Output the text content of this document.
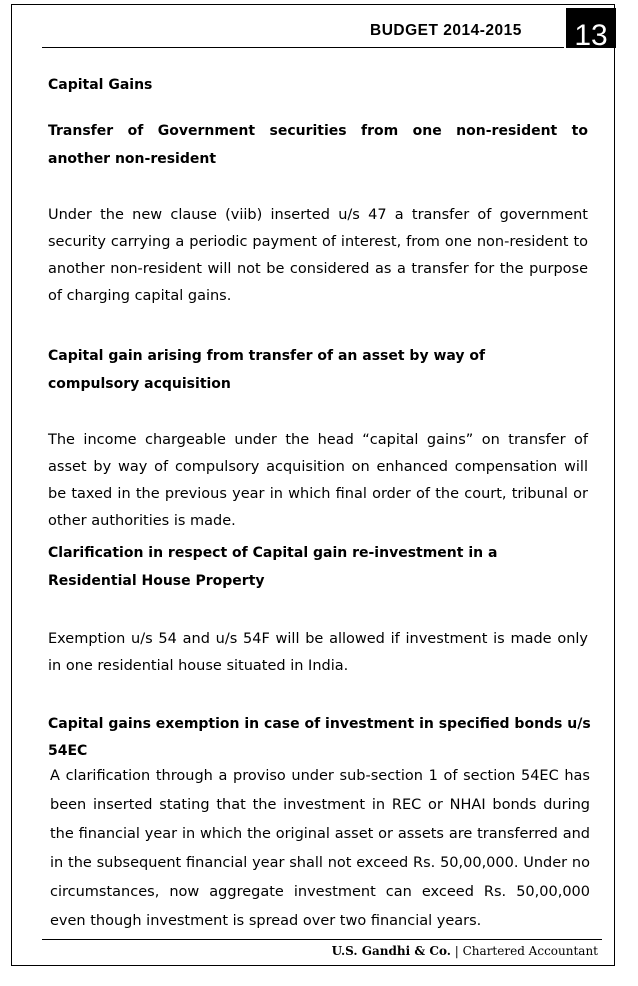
BUDGET 2014-2015 13
Capital Gains
Transfer of Government securities from one non-resident to another non-resident
Under the new clause (viib) inserted u/s 47 a transfer of government security carrying a periodic payment of interest, from one non-resident to another non-resident will not be considered as a transfer for the purpose of charging capital gains.
Capital gain arising from transfer of an asset by way of compulsory acquisition
The income chargeable under the head “capital gains” on transfer of asset by way of compulsory acquisition on enhanced compensation will be taxed in the previous year in which final order of the court, tribunal or other authorities is made.
Clarification in respect of Capital gain re-investment in a Residential House Property
Exemption u/s 54 and u/s 54F will be allowed if investment is made only in one residential house situated in India.
Capital gains exemption in case of investment in specified bonds u/s 54EC
A clarification through a proviso under sub-section 1 of section 54EC has been inserted stating that the investment in REC or NHAI bonds during the financial year in which the original asset or assets are transferred and in the subsequent financial year shall not exceed Rs. 50,00,000. Under no circumstances, now aggregate investment can exceed Rs. 50,00,000 even though investment is spread over two financial years.
U.S. Gandhi & Co. | Chartered Accountant
